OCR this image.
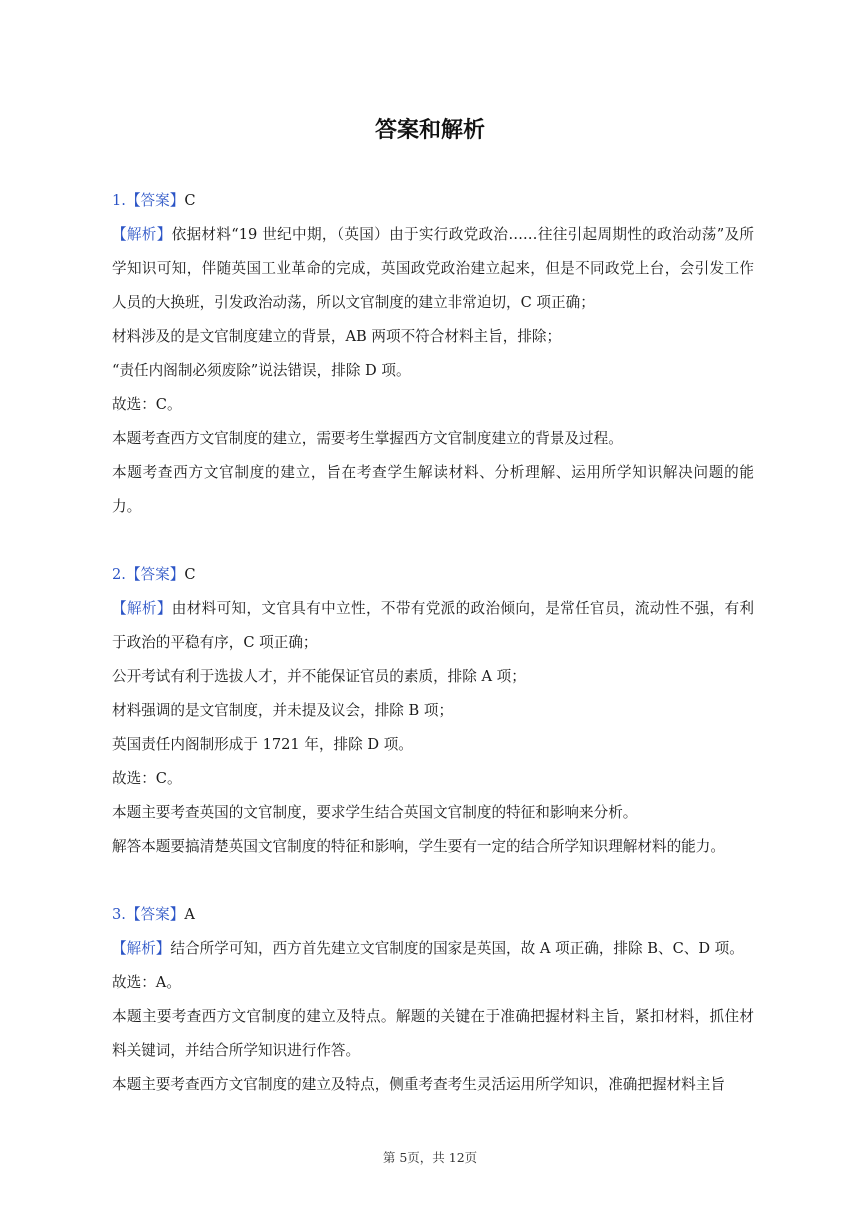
答案和解析
1.【答案】C
【解析】依据材料“19 世纪中期，（英国）由于实行政党政治……往往引起周期性的政治动荡”及所学知识可知，伴随英国工业革命的完成，英国政党政治建立起来，但是不同政党上台，会引发工作人员的大换班，引发政治动荡，所以文官制度的建立非常迫切，C 项正确；
材料涉及的是文官制度建立的背景，AB 两项不符合材料主旨，排除；
“责任内阁制必须废除”说法错误，排除 D 项。
故选：C。
本题考查西方文官制度的建立，需要考生掌握西方文官制度建立的背景及过程。
本题考查西方文官制度的建立，旨在考查学生解读材料、分析理解、运用所学知识解决问题的能力。
2.【答案】C
【解析】由材料可知，文官具有中立性，不带有党派的政治倾向，是常任官员，流动性不强，有利于政治的平稳有序，C 项正确；
公开考试有利于选拔人才，并不能保证官员的素质，排除 A 项；
材料强调的是文官制度，并未提及议会，排除 B 项；
英国责任内阁制形成于 1721 年，排除 D 项。
故选：C。
本题主要考查英国的文官制度，要求学生结合英国文官制度的特征和影响来分析。
解答本题要搞清楚英国文官制度的特征和影响，学生要有一定的结合所学知识理解材料的能力。
3.【答案】A
【解析】结合所学可知，西方首先建立文官制度的国家是英国，故 A 项正确，排除 B、C、D 项。
故选：A。
本题主要考查西方文官制度的建立及特点。解题的关键在于准确把握材料主旨，紧扣材料，抓住材料关键词，并结合所学知识进行作答。
本题主要考查西方文官制度的建立及特点，侧重考查考生灵活运用所学知识，准确把握材料主旨
第 5页，共 12页
